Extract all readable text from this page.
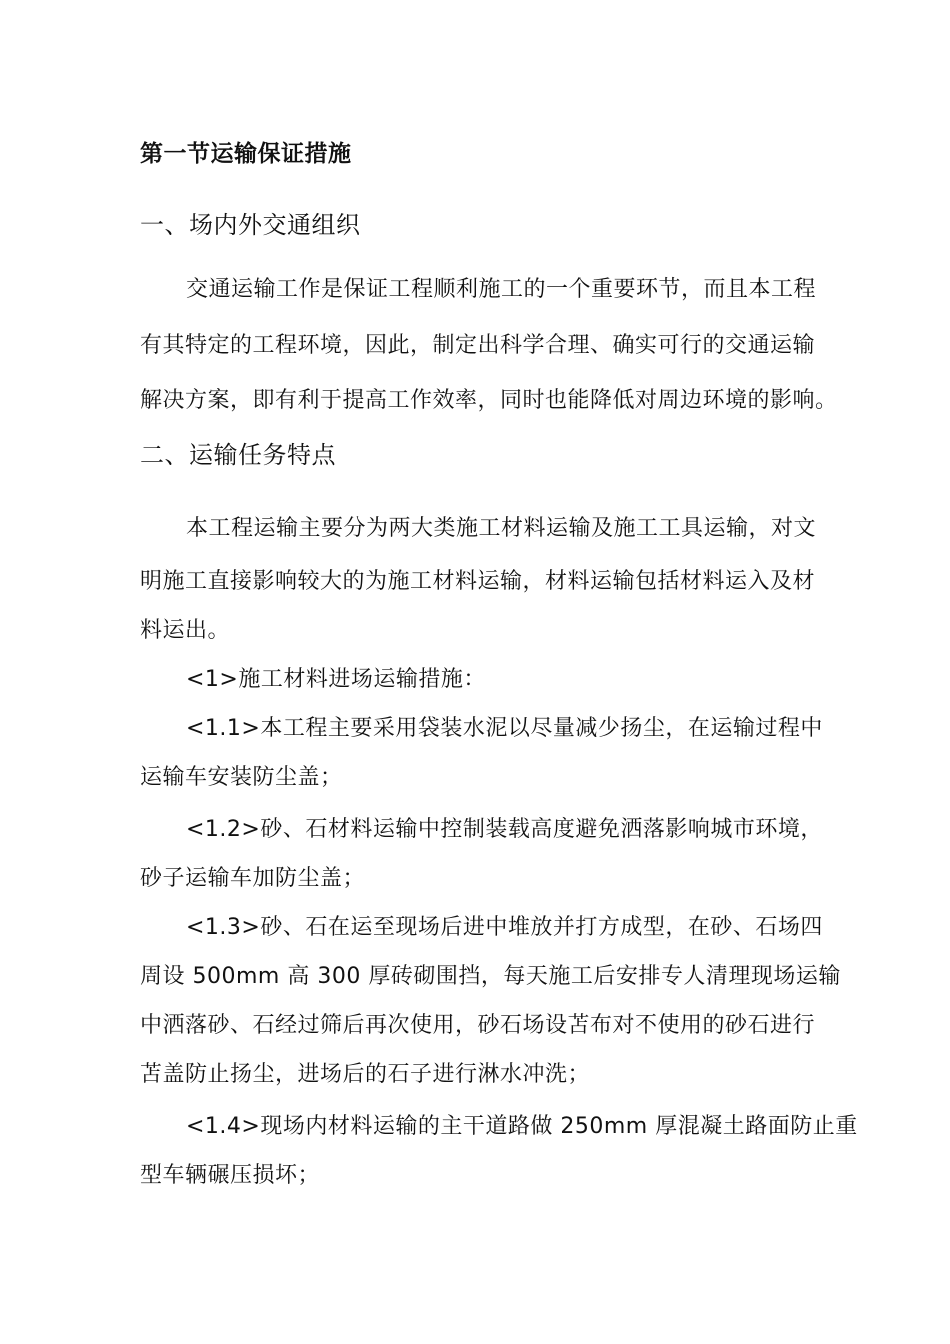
第一节运输保证措施
一、场内外交通组织
交通运输工作是保证工程顺利施工的一个重要环节，而且本工程
有其特定的工程环境，因此，制定出科学合理、确实可行的交通运输
解决方案，即有利于提高工作效率，同时也能降低对周边环境的影响。
二、运输任务特点
本工程运输主要分为两大类施工材料运输及施工工具运输，对文
明施工直接影响较大的为施工材料运输，材料运输包括材料运入及材
料运出。
<1>施工材料进场运输措施：
<1.1>本工程主要采用袋装水泥以尽量减少扬尘，在运输过程中
运输车安装防尘盖；
<1.2>砂、石材料运输中控制装载高度避免洒落影响城市环境，
砂子运输车加防尘盖；
<1.3>砂、石在运至现场后进中堆放并打方成型，在砂、石场四
周设 500mm 高 300 厚砖砌围挡，每天施工后安排专人清理现场运输
中洒落砂、石经过筛后再次使用，砂石场设苫布对不使用的砂石进行
苫盖防止扬尘，进场后的石子进行淋水冲洗；
<1.4>现场内材料运输的主干道路做 250mm 厚混凝土路面防止重
型车辆碾压损坏；
